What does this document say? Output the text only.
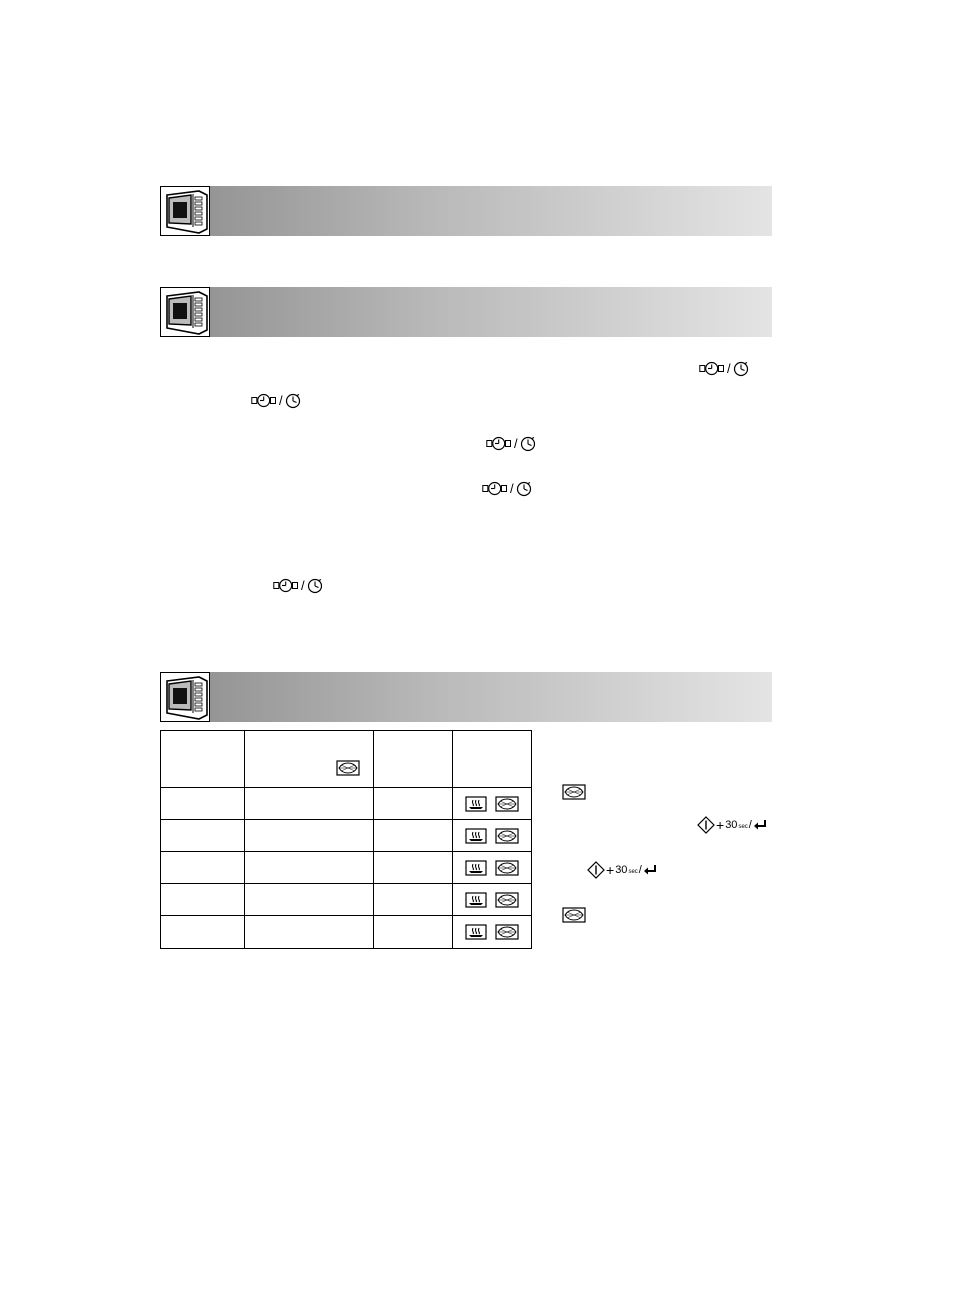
/
/
/
/
/

+ 30 sec /
+ 30 sec /
